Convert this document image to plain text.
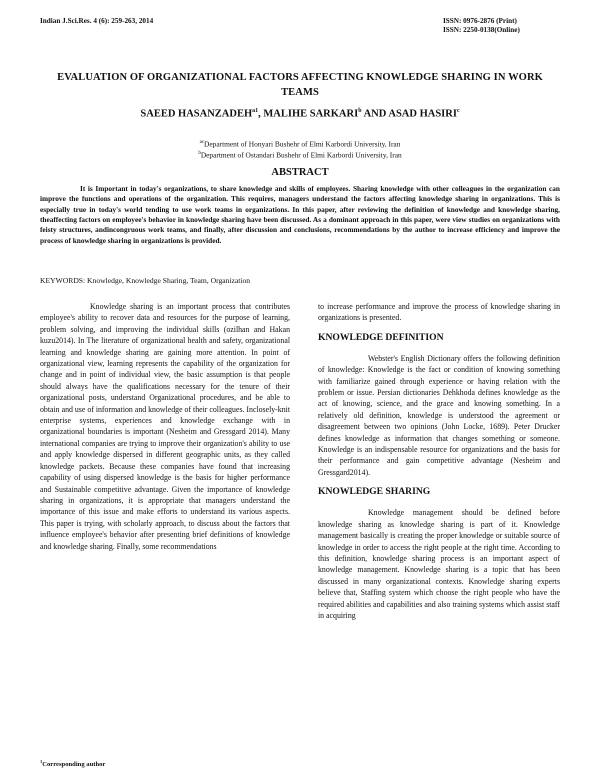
Indian J.Sci.Res. 4 (6): 259-263, 2014	ISSN: 0976-2876 (Print)
ISSN: 2250-0138(Online)
EVALUATION OF ORGANIZATIONAL FACTORS AFFECTING KNOWLEDGE SHARING IN WORK TEAMS
SAEED $HASANZADEH^{a1}$, MALIHE SARKARI$^b$ AND ASAD HASIRI$^c$
$^{ac}$Department of Honyari Bushehr of Elmi Karbordi University, Iran
$^b$Department of Ostandari Bushehr of Elmi Karbordi University, Iran
ABSTRACT

It is Important in today's organizations, to share knowledge and skills of employees. Sharing knowledge with other colleagues in the organization can improve the functions and operations of the organization. This requires, managers understand the factors affecting knowledge sharing in organizations. This is especially true in today's world tending to use work teams in organizations. In this paper, after reviewing the definition of knowledge and knowledge sharing, theaffecting factors on employee's behavior in knowledge sharing have been discussed. As a dominant approach in this paper, were view studies on organizations with feisty structures, andincongruous work teams, and finally, after discussion and conclusions, recommendations by the author to increase efficiency and improve the process of knowledge sharing in organizations is provided.

KEYWORDS: Knowledge, Knowledge Sharing, Team, Organization

Knowledge sharing is an important process that contributes employee's ability to recover data and resources for the purpose of learning, problem solving, and improving the individual skills (ozilhan and Hakan kuzu2014). In The literature of organizational health and safety, organizational learning and knowledge sharing are gaining more attention. In point of organizational view, learning represents the capability of the organization for change and in point of individual view, the basic assumption is that people should always have the qualifications necessary for the tenure of their organizational posts, understand Organizational procedures, and be able to obtain and use of information and knowledge of their colleagues. Inclosely-knit enterprise systems, experiences and knowledge exchange with in organizational boundaries is important (Nesheim and Gressgard 2014). Many international companies are trying to improve their organization's ability to use and apply knowledge dispersed in different geographic units, as they called knowledge packets. Because these companies have found that increasing capability of using dispersed knowledge is the basis for higher performance and Sustainable competitive advantage. Given the importance of knowledge sharing in organizations, it is appropriate that managers understand the importance of this issue and make efforts to understand its various aspects. This paper is trying, with scholarly approach, to discuss about the factors that influence employee's behavior after presenting brief definitions of knowledge and knowledge sharing. Finally, some recommendations

to increase performance and improve the process of knowledge sharing in organizations is presented.

KNOWLEDGE DEFINITION

Webster's English Dictionary offers the following definition of knowledge: Knowledge is the fact or condition of knowing something with familiarize gained through experience or having relation with the problem or issue. Persian dictionaries Dehkhoda defines knowledge as the act of knowing, science, and the grace and knowing something. In a relatively old definition, knowledge is understood the agreement or disagreement between two opinions (John Locke, 1689). Peter Drucker defines knowledge as information that changes something or someone. Knowledge is an indispensable resource for organizations and the basis for their performance and gain competitive advantage (Nesheim and Gressgard2014).

KNOWLEDGE SHARING

Knowledge management should be defined before knowledge sharing as knowledge sharing is part of it. Knowledge management basically is creating the proper knowledge or suitable source of knowledge in order to access the right people at the right time. According to this definition, knowledge sharing process is an important aspect of knowledge management. Knowledge sharing is a topic that has been discussed in many organizational contexts. Knowledge sharing experts believe that, Staffing system which choose the right people who have the required abilities and capabilities and also training systems which assist staff in acquiring

$^1$Corresponding author
